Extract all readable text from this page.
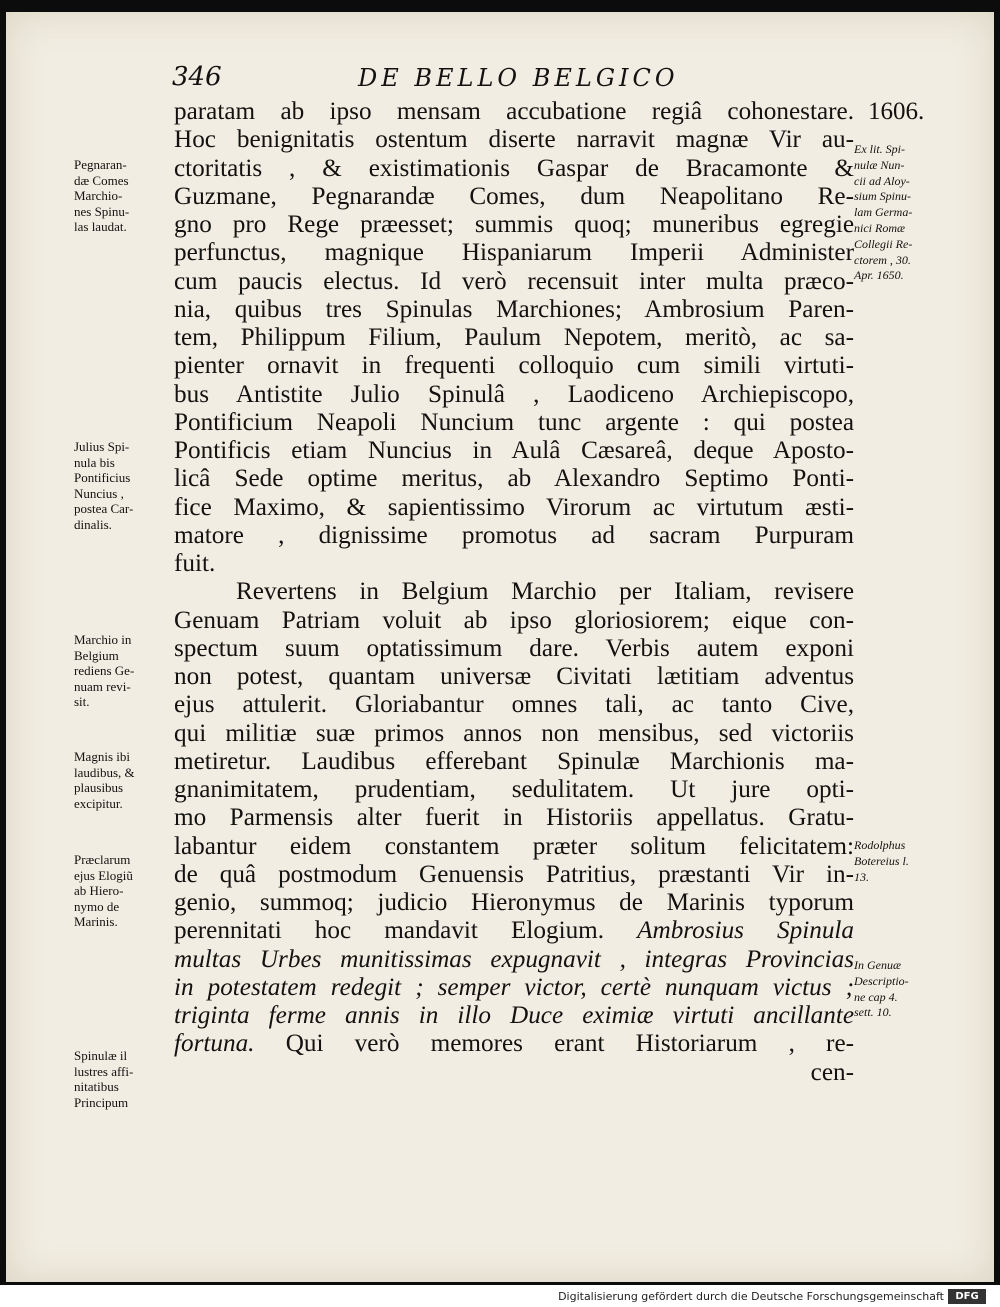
346	DE BELLO BELGICO
1606.
paratam ab ipso mensam accubatione regiâ cohonestare.
Hoc benignitatis ostentum diserte narravit magnæ Vir au-
ctoritatis , & existimationis Gaspar de Bracamonte &
Guzmane, Pegnarandæ Comes, dum Neapolitano Re-
gno pro Rege præesset; summis quoq; muneribus egregie
perfunctus, magnique Hispaniarum Imperii Administer
cum paucis electus. Id verò recensuit inter multa præco-
nia, quibus tres Spinulas Marchiones; Ambrosium Paren-
tem, Philippum Filium, Paulum Nepotem, meritò, ac sa-
pienter ornavit in frequenti colloquio cum simili virtuti-
bus Antistite Julio Spinulâ , Laodiceno Archiepiscopo,
Pontificium Neapoli Nuncium tunc argente : qui postea
Pontificis etiam Nuncius in Aulâ Cæsareâ, deque Aposto-
licâ Sede optime meritus, ab Alexandro Septimo Ponti-
fice Maximo, & sapientissimo Virorum ac virtutum æsti-
matore , dignissime promotus ad sacram Purpuram
fuit.
Revertens in Belgium Marchio per Italiam, revisere
Genuam Patriam voluit ab ipso gloriosiorem; eique con-
spectum suum optatissimum dare. Verbis autem exponi
non potest, quantam universæ Civitati lætitiam adventus
ejus attulerit. Gloriabantur omnes tali, ac tanto Cive,
qui militiæ suæ primos annos non mensibus, sed victoriis
metiretur. Laudibus efferebant Spinulæ Marchionis ma-
gnanimitatem, prudentiam, sedulitatem. Ut jure opti-
mo Parmensis alter fuerit in Historiis appellatus. Gratu-
labantur eidem constantem præter solitum felicitatem:
de quâ postmodum Genuensis Patritius, præstanti Vir in-
genio, summoq; judicio Hieronymus de Marinis typorum
perennitati hoc mandavit Elogium. Ambrosius Spinula
multas Urbes munitissimas expugnavit , integras Provincias
in potestatem redegit ; semper victor, certè nunquam victus ;
triginta ferme annis in illo Duce eximiæ virtuti ancillante
fortuna. Qui verò memores erant Historiarum , re-
cen-
Pegnaran-
dæ Comes
Marchio-
nes Spinu-
las laudat.
Julius Spi-
nula bis
Pontificius
Nuncius ,
postea Car-
dinalis.
Marchio in
Belgium
rediens Ge-
nuam revi-
sit.
Magnis ibi
laudibus, &
plausibus
excipitur.
Præclarum
ejus Elogiũ
ab Hiero-
nymo de
Marinis.
Spinulæ il
lustres affi-
nitatibus
Principum
Ex lit. Spi-
nulæ Nun-
cii ad Aloy-
sium Spinu-
lam Germa-
nici Romæ
Collegii Re-
ctorem , 30.
Apr. 1650.
Rodolphus
Botereius l.
13.
In Genuæ
Descriptio-
ne cap 4.
sett. 10.
Digitalisierung gefördert durch die Deutsche Forschungsgemeinschaft	DFG
